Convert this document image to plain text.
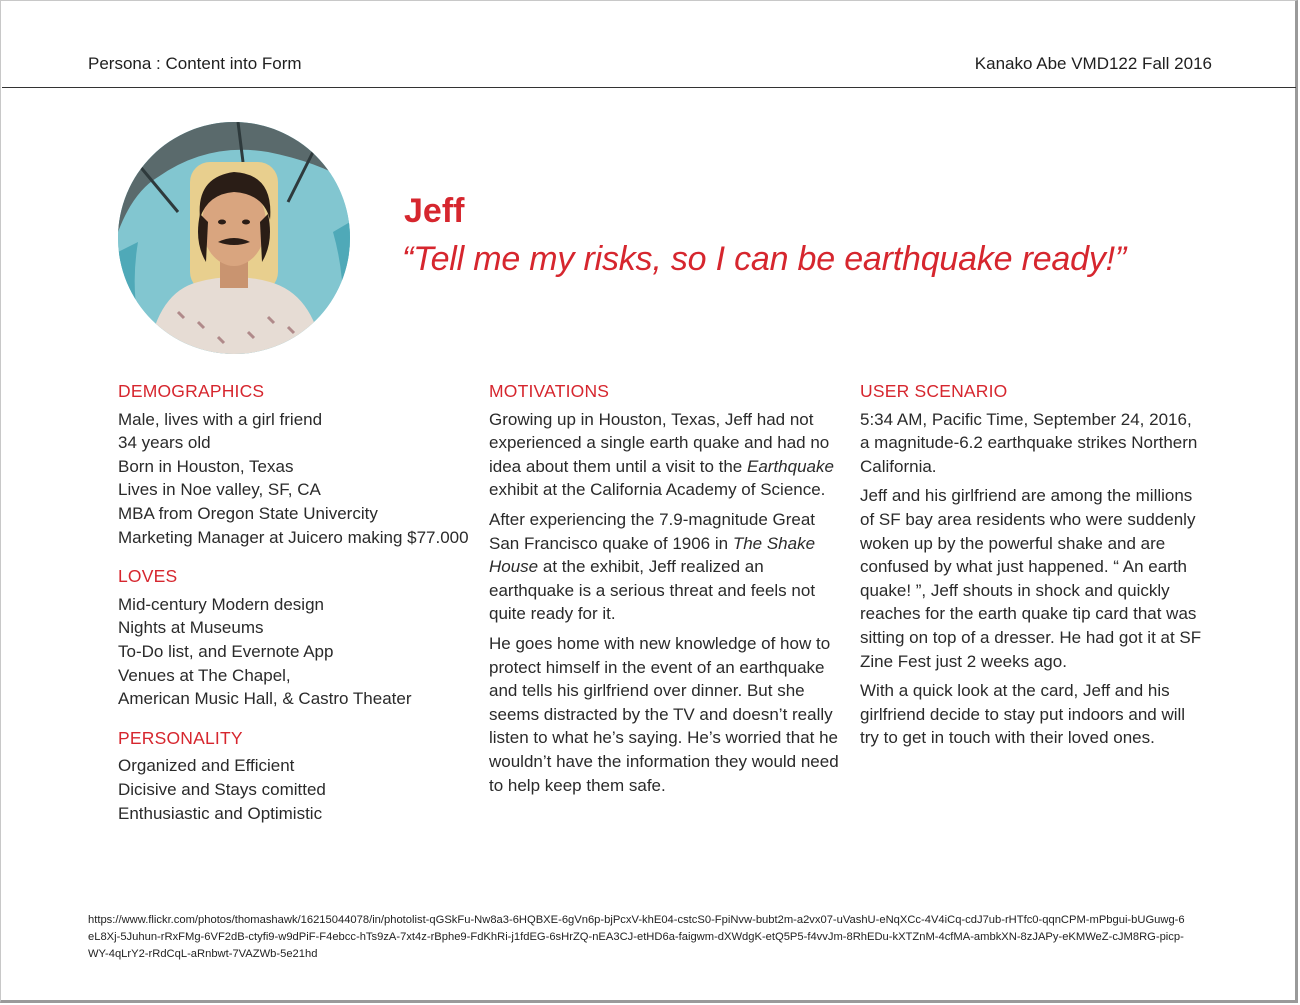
Persona : Content into Form	Kanako Abe VMD122 Fall 2016
Jeff
“Tell me my risks, so I can be earthquake ready!”
DEMOGRAPHICS

Male, lives with a girl friend

34 years old

Born in Houston, Texas

Lives in Noe valley, SF, CA

MBA from Oregon State Univercity

Marketing Manager at Juicero making $77.000

LOVES

Mid-century Modern design

Nights at Museums

To-Do list, and Evernote App

Venues at The Chapel,

American Music Hall, & Castro Theater

PERSONALITY

Organized and Efficient

Dicisive and Stays comitted

Enthusiastic and Optimistic

MOTIVATIONS

Growing up in Houston, Texas, Jeff had not experienced a single earth quake and had no idea about them until a visit to the Earthquake exhibit at the California Academy of Science.

After experiencing the 7.9-magnitude Great San Francisco quake of 1906 in The Shake House at the exhibit, Jeff realized an earthquake is a serious threat and feels not quite ready for it.

He goes home with new knowledge of how to protect himself in the event of an earthquake and tells his girlfriend over dinner. But she seems distracted by the TV and doesn’t really listen to what he’s saying. He’s worried that he wouldn’t have the information they would need to help keep them safe.

USER SCENARIO

5:34 AM, Pacific Time, September 24, 2016, a magnitude-6.2 earthquake strikes Northern California.

Jeff and his girlfriend are among the millions of SF bay area residents who were suddenly woken up by the powerful shake and are confused by what just happened. “ An earth quake! ”, Jeff shouts in shock and quickly reaches for the earth quake tip card that was sitting on top of a dresser. He had got it at SF Zine Fest just 2 weeks ago.

With a quick look at the card, Jeff and his girlfriend decide to stay put indoors and will try to get in touch with their loved ones.

https://www.flickr.com/photos/thomashawk/16215044078/in/photolist-qGSkFu-Nw8a3-6HQBXE-6gVn6p-bjPcxV-khE04-cstcS0-FpiNvw-bubt2m-a2vx07-uVashU-eNqXCc-4V4iCq-cdJ7ub-rHTfc0-qqnCPM-mPbgui-bUGuwg-6eL8Xj-5Juhun-rRxFMg-6VF2dB-ctyfi9-w9dPiF-F4ebcc-hTs9zA-7xt4z-rBphe9-FdKhRi-j1fdEG-6sHrZQ-nEA3CJ-etHD6a-faigwm-dXWdgK-etQ5P5-f4vvJm-8RhEDu-kXTZnM-4cfMA-ambkXN-8zJAPy-eKMWeZ-cJM8RG-picp-WY-4qLrY2-rRdCqL-aRnbwt-7VAZWb-5e21hd
